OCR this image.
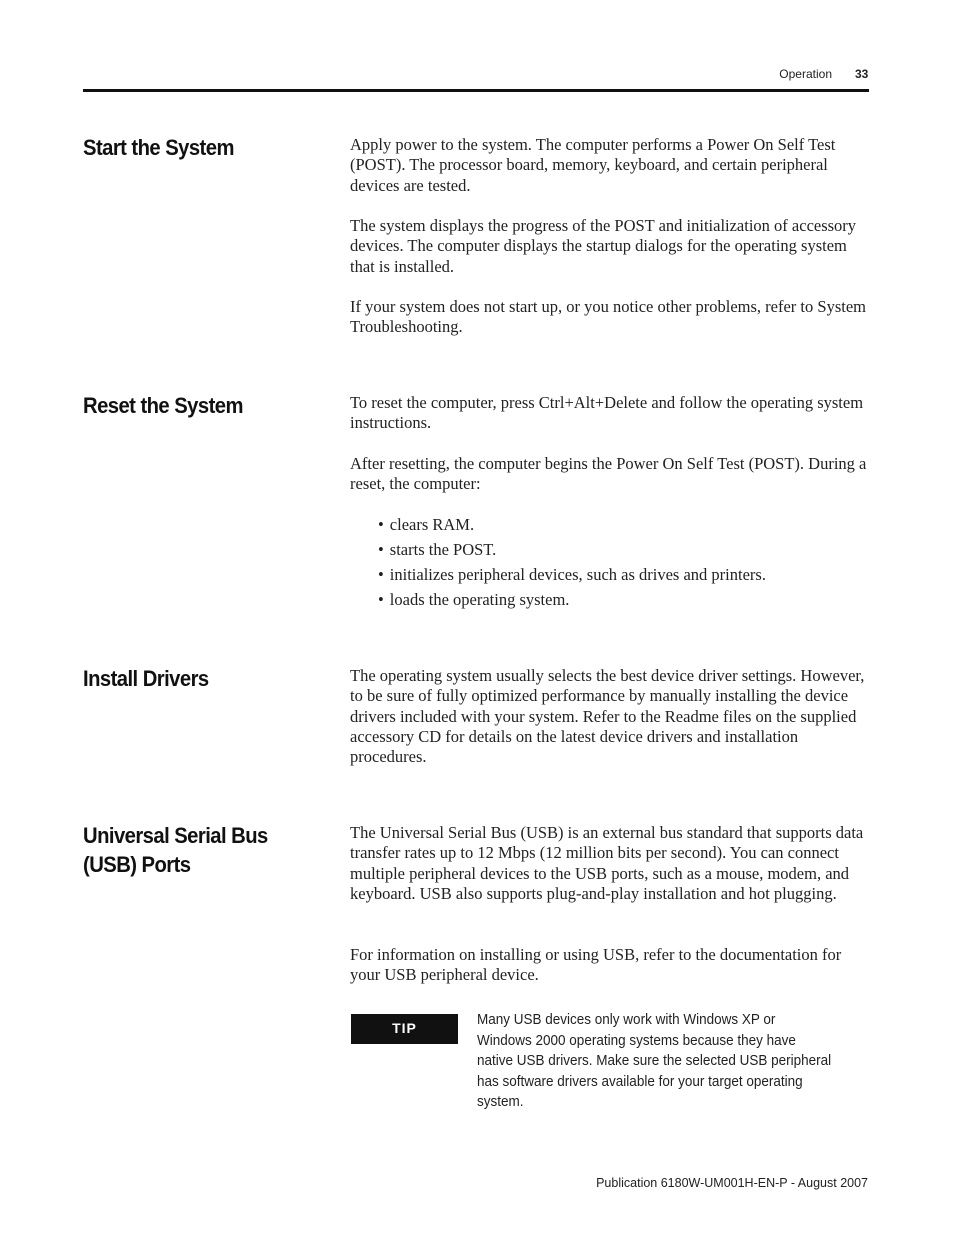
Operation 33
Start the System	Apply power to the system. The computer performs a Power On Self Test (POST). The processor board, memory, keyboard, and certain peripheral devices are tested.

The system displays the progress of the POST and initialization of accessory devices. The computer displays the startup dialogs for the operating system that is installed.

If your system does not start up, or you notice other problems, refer to System Troubleshooting.

Reset the System	To reset the computer, press Ctrl+Alt+Delete and follow the operating system instructions.

After resetting, the computer begins the Power On Self Test (POST). During a reset, the computer:

• clears RAM.
• starts the POST.
• initializes peripheral devices, such as drives and printers.
• loads the operating system.
Install Drivers	The operating system usually selects the best device driver settings. However, to be sure of fully optimized performance by manually installing the device drivers included with your system. Refer to the Readme files on the supplied accessory CD for details on the latest device drivers and installation procedures.

Universal Serial Bus (USB) Ports

The Universal Serial Bus (USB) is an external bus standard that supports data transfer rates up to 12 Mbps (12 million bits per second). You can connect multiple peripheral devices to the USB ports, such as a mouse, modem, and keyboard. USB also supports plug-and-play installation and hot plugging.

For information on installing or using USB, refer to the documentation for your USB peripheral device.

TIP	Many USB devices only work with Windows XP or Windows 2000 operating systems because they have native USB drivers. Make sure the selected USB peripheral has software drivers available for your target operating system.

Publication 6180W-UM001H-EN-P - August 2007
